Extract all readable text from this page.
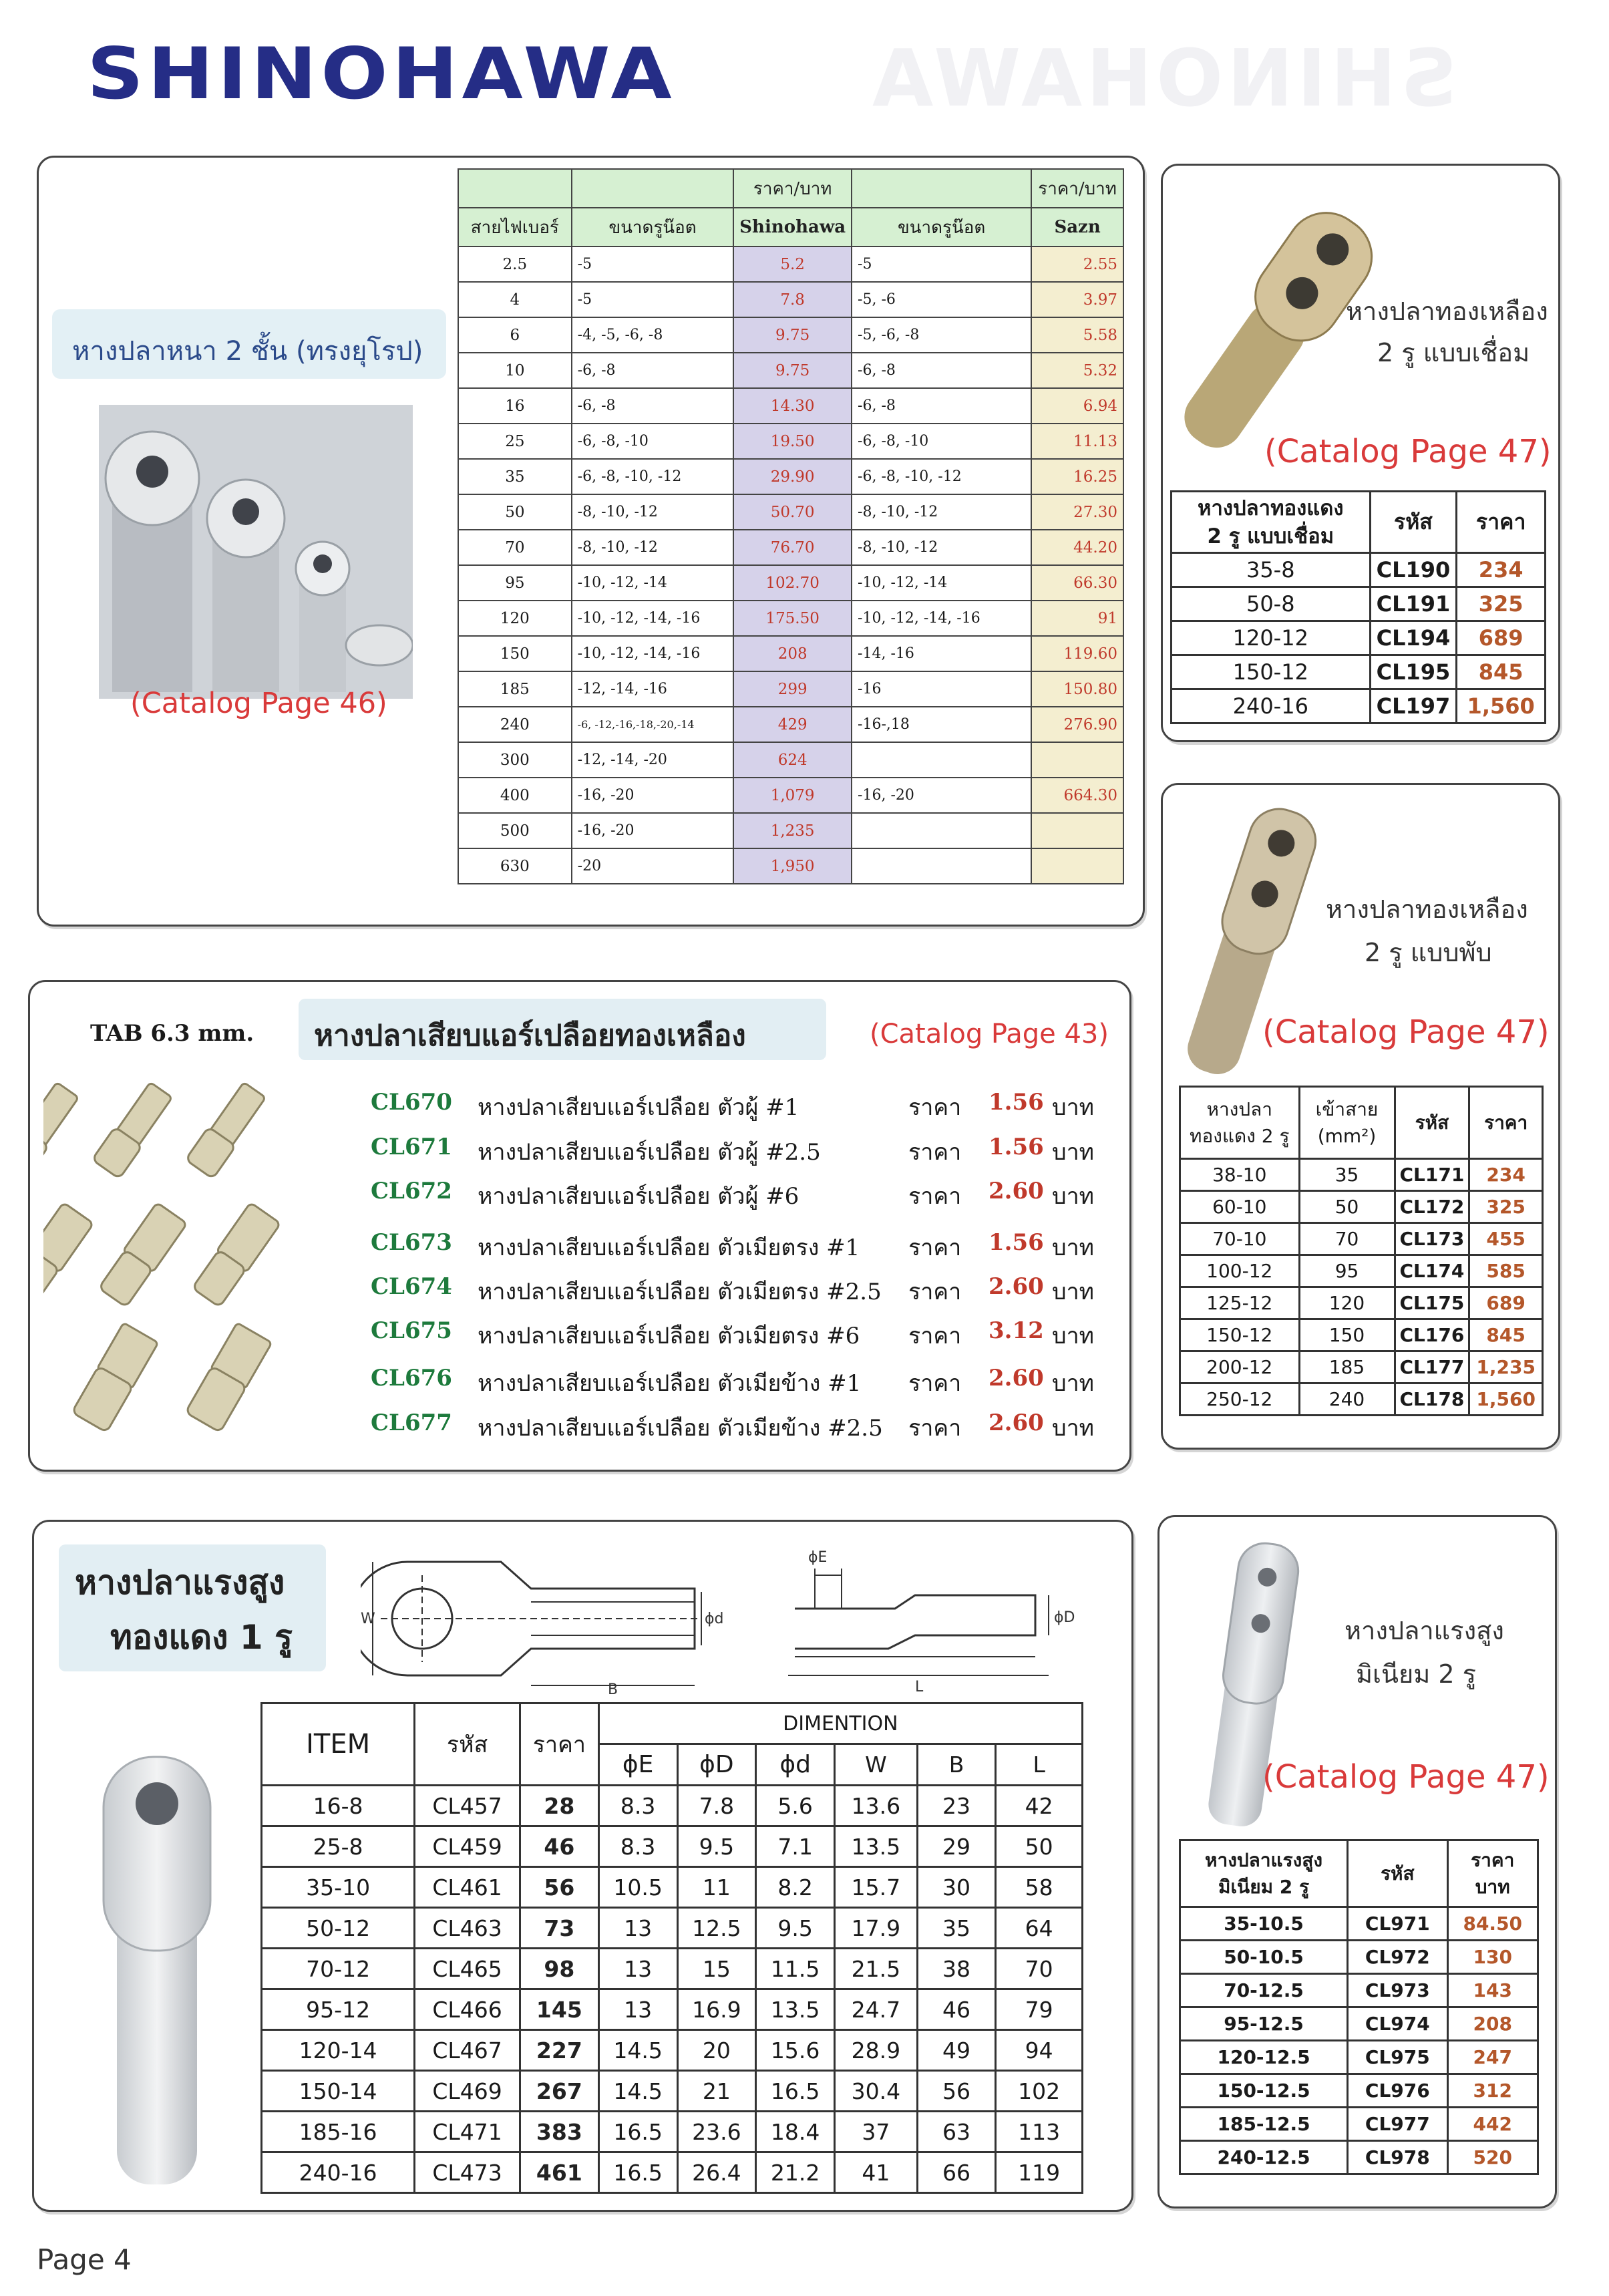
SHINOHAWA
SHINOHAWA
หางปลาหนา 2 ชั้น (ทรงยุโรป)
(Catalog Page 46)
		ราคา/บาท		ราคา/บาท
สายไฟเบอร์	ขนาดรูน๊อต	Shinohawa	ขนาดรูน๊อต	Sazn
2.5	-5	5.2	-5	2.55
4	-5	7.8	-5, -6	3.97
6	-4, -5, -6, -8	9.75	-5, -6, -8	5.58
10	-6, -8	9.75	-6, -8	5.32
16	-6, -8	14.30	-6, -8	6.94
25	-6, -8, -10	19.50	-6, -8, -10	11.13
35	-6, -8, -10, -12	29.90	-6, -8, -10, -12	16.25
50	-8, -10, -12	50.70	-8, -10, -12	27.30
70	-8, -10, -12	76.70	-8, -10, -12	44.20
95	-10, -12, -14	102.70	-10, -12, -14	66.30
120	-10, -12, -14, -16	175.50	-10, -12, -14, -16	91
150	-10, -12, -14, -16	208	-14, -16	119.60
185	-12, -14, -16	299	-16	150.80
240	-6, -12,-16,-18,-20,-14	429	-16-,18	276.90
300	-12, -14, -20	624		
400	-16, -20	1,079	-16, -20	664.30
500	-16, -20	1,235		
630	-20	1,950		
หางปลาทองเหลือง
2 รู แบบเชื่อม
(Catalog Page 47)
หางปลาทองแดง
2 รู แบบเชื่อม	รหัส	ราคา
35-8	CL190	234
50-8	CL191	325
120-12	CL194	689
150-12	CL195	845
240-16	CL197	1,560
หางปลาทองเหลือง
2 รู แบบพับ
(Catalog Page 47)
หางปลา
ทองแดง 2 รู	เข้าสาย
(mm²)	รหัส	ราคา
38-10	35	CL171	234
60-10	50	CL172	325
70-10	70	CL173	455
100-12	95	CL174	585
125-12	120	CL175	689
150-12	150	CL176	845
200-12	185	CL177	1,235
250-12	240	CL178	1,560
TAB 6.3 mm. หางปลาเสียบแอร์เปลือยทองเหลือง	(Catalog Page 43)
CL670 หางปลาเสียบแอร์เปลือย ตัวผู้ #1	ราคา 1.56 บาท
CL671 หางปลาเสียบแอร์เปลือย ตัวผู้ #2.5	ราคา 1.56 บาท
CL672 หางปลาเสียบแอร์เปลือย ตัวผู้ #6	ราคา 2.60 บาท
CL673 หางปลาเสียบแอร์เปลือย ตัวเมียตรง #1 ราคา 1.56 บาท
CL674 หางปลาเสียบแอร์เปลือย ตัวเมียตรง #2.5 ราคา 2.60 บาท
CL675 หางปลาเสียบแอร์เปลือย ตัวเมียตรง #6 ราคา 3.12 บาท
CL676 หางปลาเสียบแอร์เปลือย ตัวเมียข้าง #1 ราคา 2.60 บาท
CL677 หางปลาเสียบแอร์เปลือย ตัวเมียข้าง #2.5 ราคา 2.60 บาท
หางปลาแรงสูง
ทองแดง 1 รู	W
B
ϕd
ϕE
ϕD
L
ITEM	รหัส	ราคา	DIMENTION					
			ϕE	ϕD	ϕd	W	B	L
16-8	CL457	28	8.3	7.8	5.6	13.6	23	42
25-8	CL459	46	8.3	9.5	7.1	13.5	29	50
35-10	CL461	56	10.5	11	8.2	15.7	30	58
50-12	CL463	73	13	12.5	9.5	17.9	35	64
70-12	CL465	98	13	15	11.5	21.5	38	70
95-12	CL466	145	13	16.9	13.5	24.7	46	79
120-14	CL467	227	14.5	20	15.6	28.9	49	94
150-14	CL469	267	14.5	21	16.5	30.4	56	102
185-16	CL471	383	16.5	23.6	18.4	37	63	113
240-16	CL473	461	16.5	26.4	21.2	41	66	119
หางปลาแรงสูง
มิเนียม 2 รู
(Catalog Page 47)
หางปลาแรงสูง
มิเนียม 2 รู	รหัส	ราคา
บาท
35-10.5	CL971	84.50
50-10.5	CL972	130
70-12.5	CL973	143
95-12.5	CL974	208
120-12.5	CL975	247
150-12.5	CL976	312
185-12.5	CL977	442
240-12.5	CL978	520
Page 4
